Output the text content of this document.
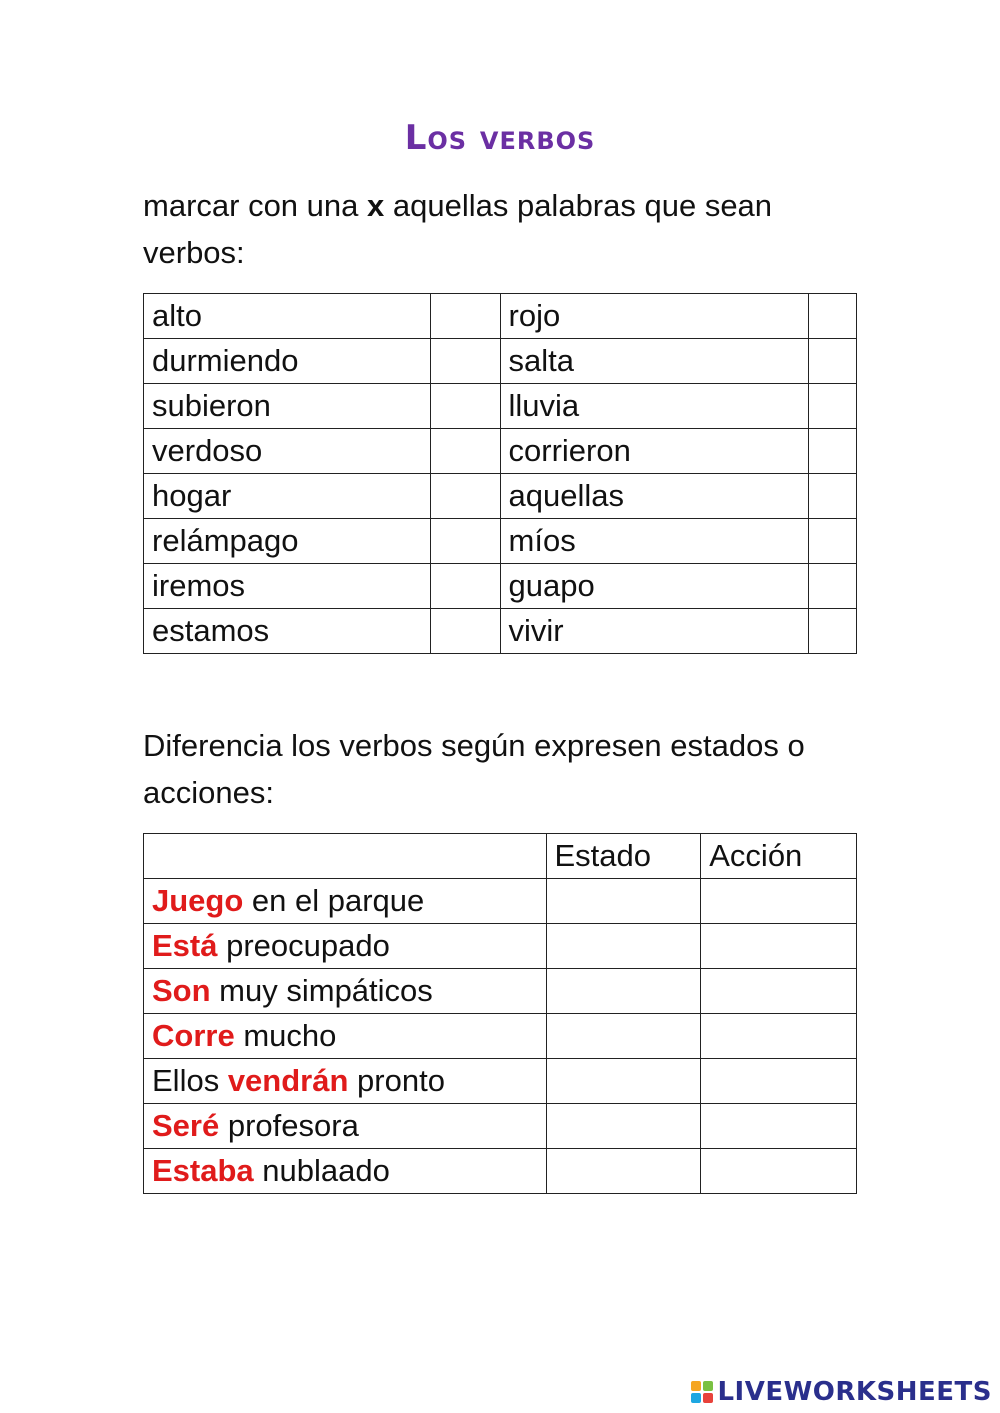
Los verbos
marcar con una x aquellas palabras que sean verbos:
alto		rojo	
durmiendo		salta	
subieron		lluvia	
verdoso		corrieron	
hogar		aquellas	
relámpago		míos	
iremos		guapo	
estamos		vivir	
Diferencia los verbos según expresen estados o acciones:
	Estado	Acción
Juego en el parque		
Está preocupado		
Son muy simpáticos		
Corre mucho		
Ellos vendrán pronto		
Seré profesora		
Estaba nublaado		
LIVEWORKSHEETS
